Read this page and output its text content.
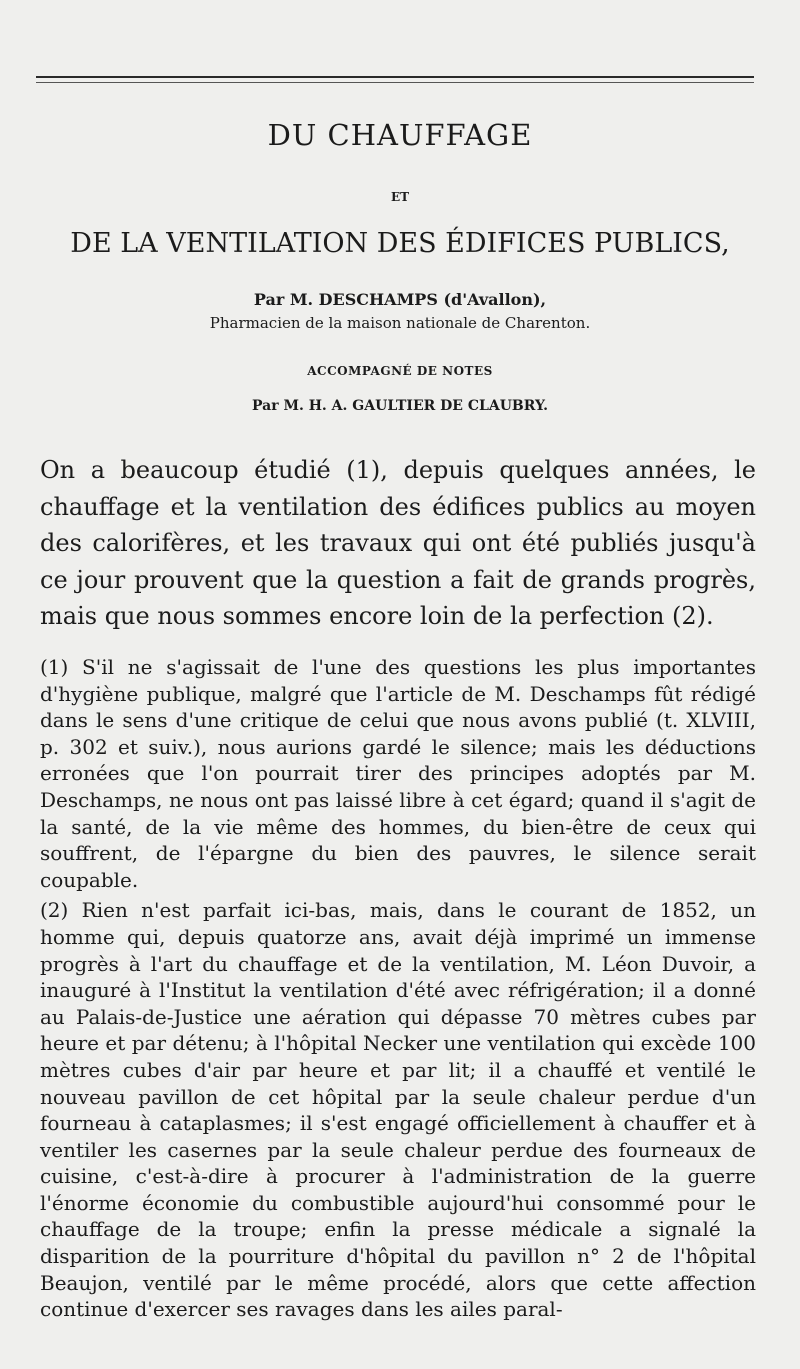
DU CHAUFFAGE
ET
DE LA VENTILATION DES ÉDIFICES PUBLICS,
Par M. DESCHAMPS (d'Avallon),
Pharmacien de la maison nationale de Charenton.
ACCOMPAGNÉ DE NOTES
Par M. H. A. GAULTIER DE CLAUBRY.

On a beaucoup étudié (1), depuis quelques années, le chauffage et la ventilation des édifices publics au moyen des calorifères, et les travaux qui ont été publiés jusqu'à ce jour prouvent que la question a fait de grands progrès, mais que nous sommes encore loin de la perfection (2).

(1) S'il ne s'agissait de l'une des questions les plus importantes d'hygiène publique, malgré que l'article de M. Deschamps fût rédigé dans le sens d'une critique de celui que nous avons publié (t. XLVIII, p. 302 et suiv.), nous aurions gardé le silence; mais les déductions erronées que l'on pourrait tirer des principes adoptés par M. Deschamps, ne nous ont pas laissé libre à cet égard; quand il s'agit de la santé, de la vie même des hommes, du bien-être de ceux qui souffrent, de l'épargne du bien des pauvres, le silence serait coupable.

(2) Rien n'est parfait ici-bas, mais, dans le courant de 1852, un homme qui, depuis quatorze ans, avait déjà imprimé un immense progrès à l'art du chauffage et de la ventilation, M. Léon Duvoir, a inauguré à l'Institut la ventilation d'été avec réfrigération; il a donné au Palais-de-Justice une aération qui dépasse 70 mètres cubes par heure et par détenu; à l'hôpital Necker une ventilation qui excède 100 mètres cubes d'air par heure et par lit; il a chauffé et ventilé le nouveau pavillon de cet hôpital par la seule chaleur perdue d'un fourneau à cataplasmes; il s'est engagé officiellement à chauffer et à ventiler les casernes par la seule chaleur perdue des fourneaux de cuisine, c'est-à-dire à procurer à l'administration de la guerre l'énorme économie du combustible aujourd'hui consommé pour le chauffage de la troupe; enfin la presse médicale a signalé la disparition de la pourriture d'hôpital du pavillon n° 2 de l'hôpital Beaujon, ventilé par le même procédé, alors que cette affection continue d'exercer ses ravages dans les ailes paral-
